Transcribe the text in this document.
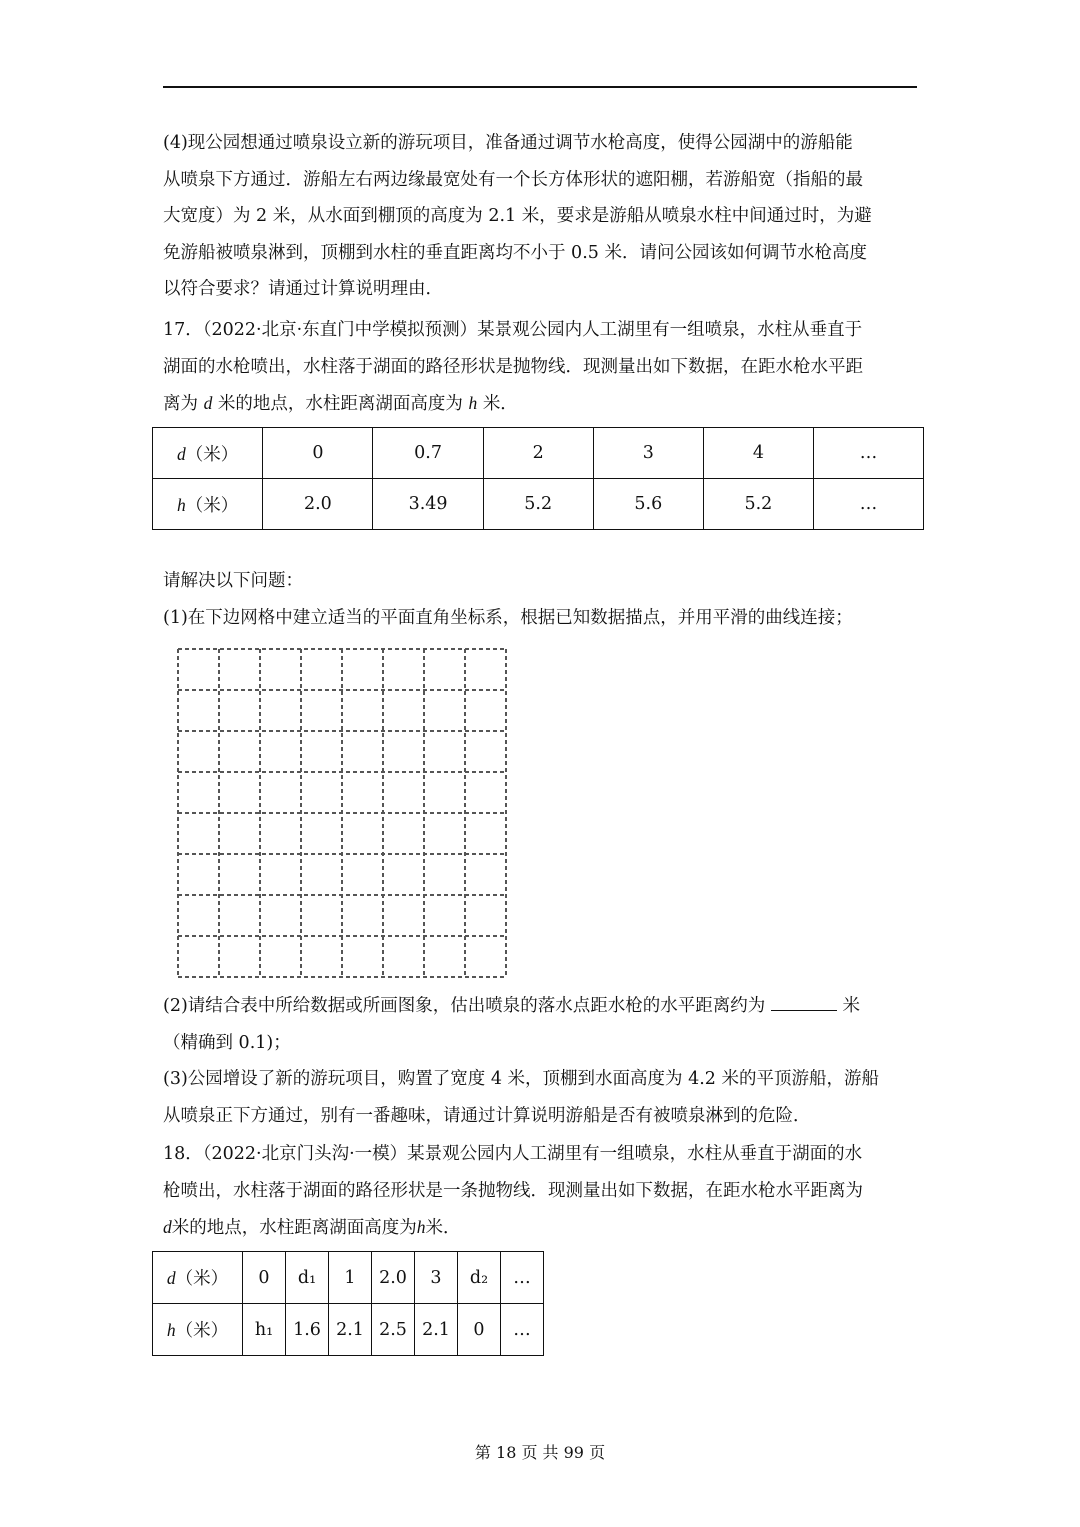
(4)现公园想通过喷泉设立新的游玩项目，准备通过调节水枪高度，使得公园湖中的游船能
从喷泉下方通过．游船左右两边缘最宽处有一个长方体形状的遮阳棚，若游船宽（指船的最
大宽度）为 2 米，从水面到棚顶的高度为 2.1 米，要求是游船从喷泉水柱中间通过时，为避
免游船被喷泉淋到，顶棚到水柱的垂直距离均不小于 0.5 米．请问公园该如何调节水枪高度
以符合要求？请通过计算说明理由．
17．（2022·北京·东直门中学模拟预测）某景观公园内人工湖里有一组喷泉，水柱从垂直于
湖面的水枪喷出，水柱落于湖面的路径形状是抛物线．现测量出如下数据，在距水枪水平距
离为 d 米的地点，水柱距离湖面高度为 h 米．
d（米）	0	0.7	2	3	4	…
h（米）	2.0	3.49	5.2	5.6	5.2	…
请解决以下问题：
(1)在下边网格中建立适当的平面直角坐标系，根据已知数据描点，并用平滑的曲线连接；
(2)请结合表中所给数据或所画图象，估出喷泉的落水点距水枪的水平距离约为	米
（精确到 0.1)；
(3)公园增设了新的游玩项目，购置了宽度 4 米，顶棚到水面高度为 4.2 米的平顶游船，游船
从喷泉正下方通过，别有一番趣味，请通过计算说明游船是否有被喷泉淋到的危险．
18．（2022·北京门头沟·一模）某景观公园内人工湖里有一组喷泉，水柱从垂直于湖面的水
枪喷出，水柱落于湖面的路径形状是一条抛物线．现测量出如下数据，在距水枪水平距离为
d米的地点，水柱距离湖面高度为h米．
d（米）	0	d₁	1	2.0	3	d₂	…
h（米）	h₁	1.6	2.1	2.5	2.1	0	…
第 18 页 共 99 页
